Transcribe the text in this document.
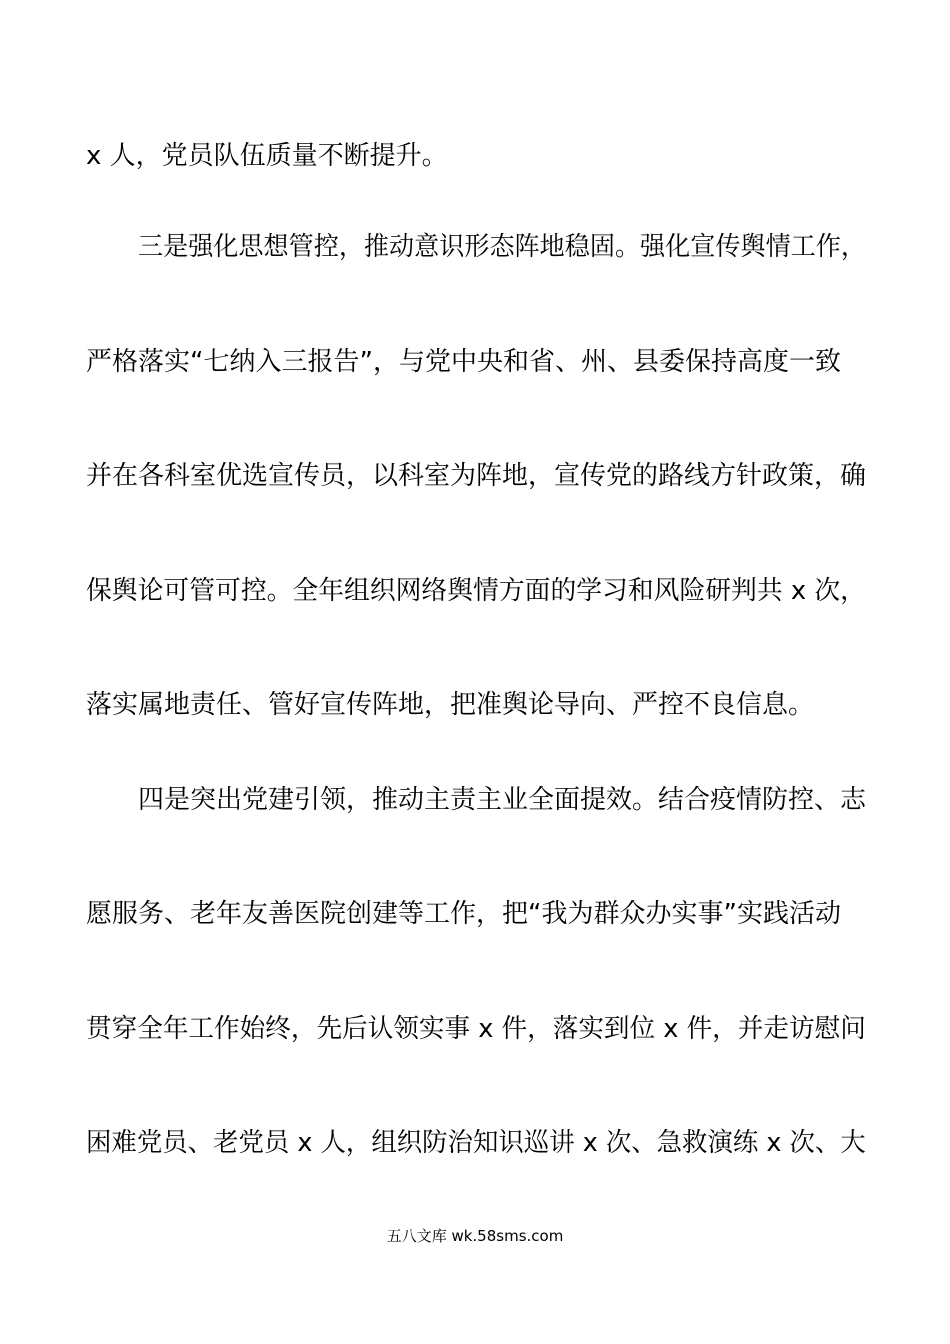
x 人，党员队伍质量不断提升。
三是强化思想管控，推动意识形态阵地稳固。强化宣传舆情工作，
严格落实“七纳入三报告”，与党中央和省、州、县委保持高度一致
并在各科室优选宣传员，以科室为阵地，宣传党的路线方针政策，确
保舆论可管可控。全年组织网络舆情方面的学习和风险研判共 x 次，
落实属地责任、管好宣传阵地，把准舆论导向、严控不良信息。
四是突出党建引领，推动主责主业全面提效。结合疫情防控、志
愿服务、老年友善医院创建等工作，把“我为群众办实事”实践活动
贯穿全年工作始终，先后认领实事 x 件，落实到位 x 件，并走访慰问
困难党员、老党员 x 人，组织防治知识巡讲 x 次、急救演练 x 次、大
五八文库 wk.58sms.com
